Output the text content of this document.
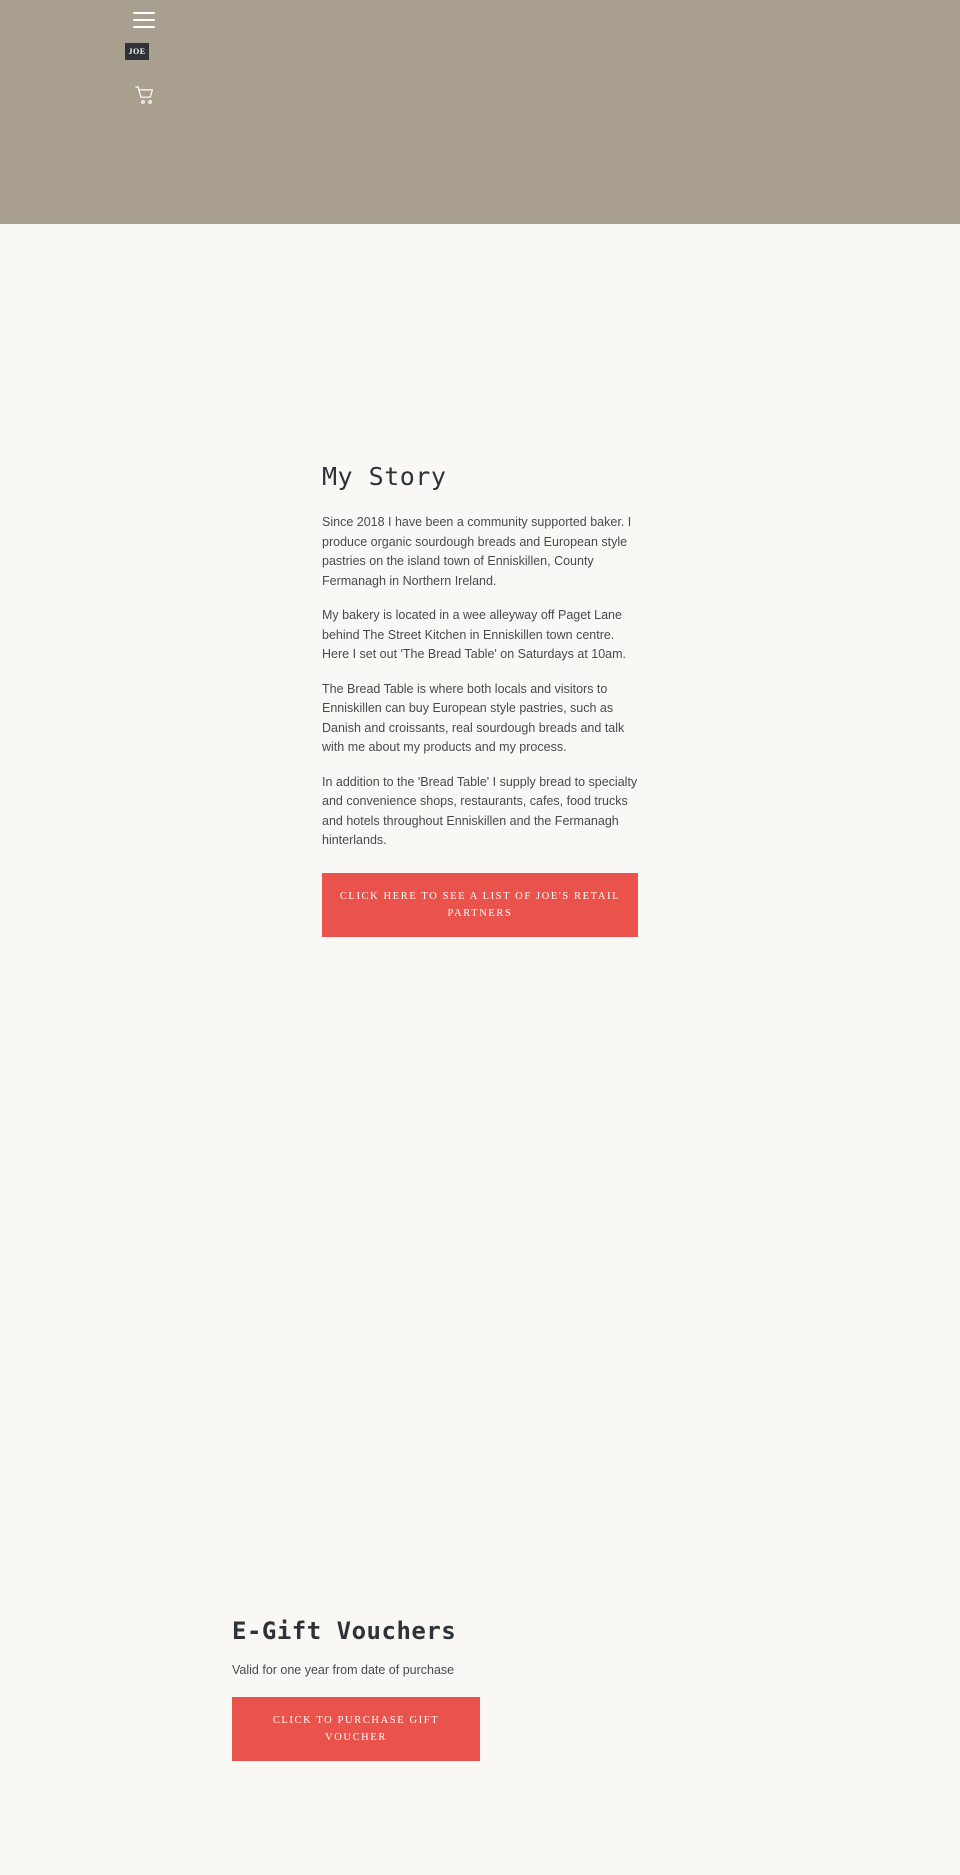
JOE
My Story

Since 2018 I have been a community supported baker. I produce organic sourdough breads and European style pastries on the island town of Enniskillen, County Fermanagh in Northern Ireland.

My bakery is located in a wee alleyway off Paget Lane behind The Street Kitchen in Enniskillen town centre. Here I set out 'The Bread Table' on Saturdays at 10am.

The Bread Table is where both locals and visitors to Enniskillen can buy European style pastries, such as Danish and croissants, real sourdough breads and talk with me about my products and my process.

In addition to the 'Bread Table' I supply bread to specialty and convenience shops, restaurants, cafes, food trucks and hotels throughout Enniskillen and the Fermanagh hinterlands.

CLICK HERE TO SEE A LIST OF JOE'S RETAIL PARTNERS
E-Gift Vouchers

Valid for one year from date of purchase

CLICK TO PURCHASE GIFT VOUCHER
